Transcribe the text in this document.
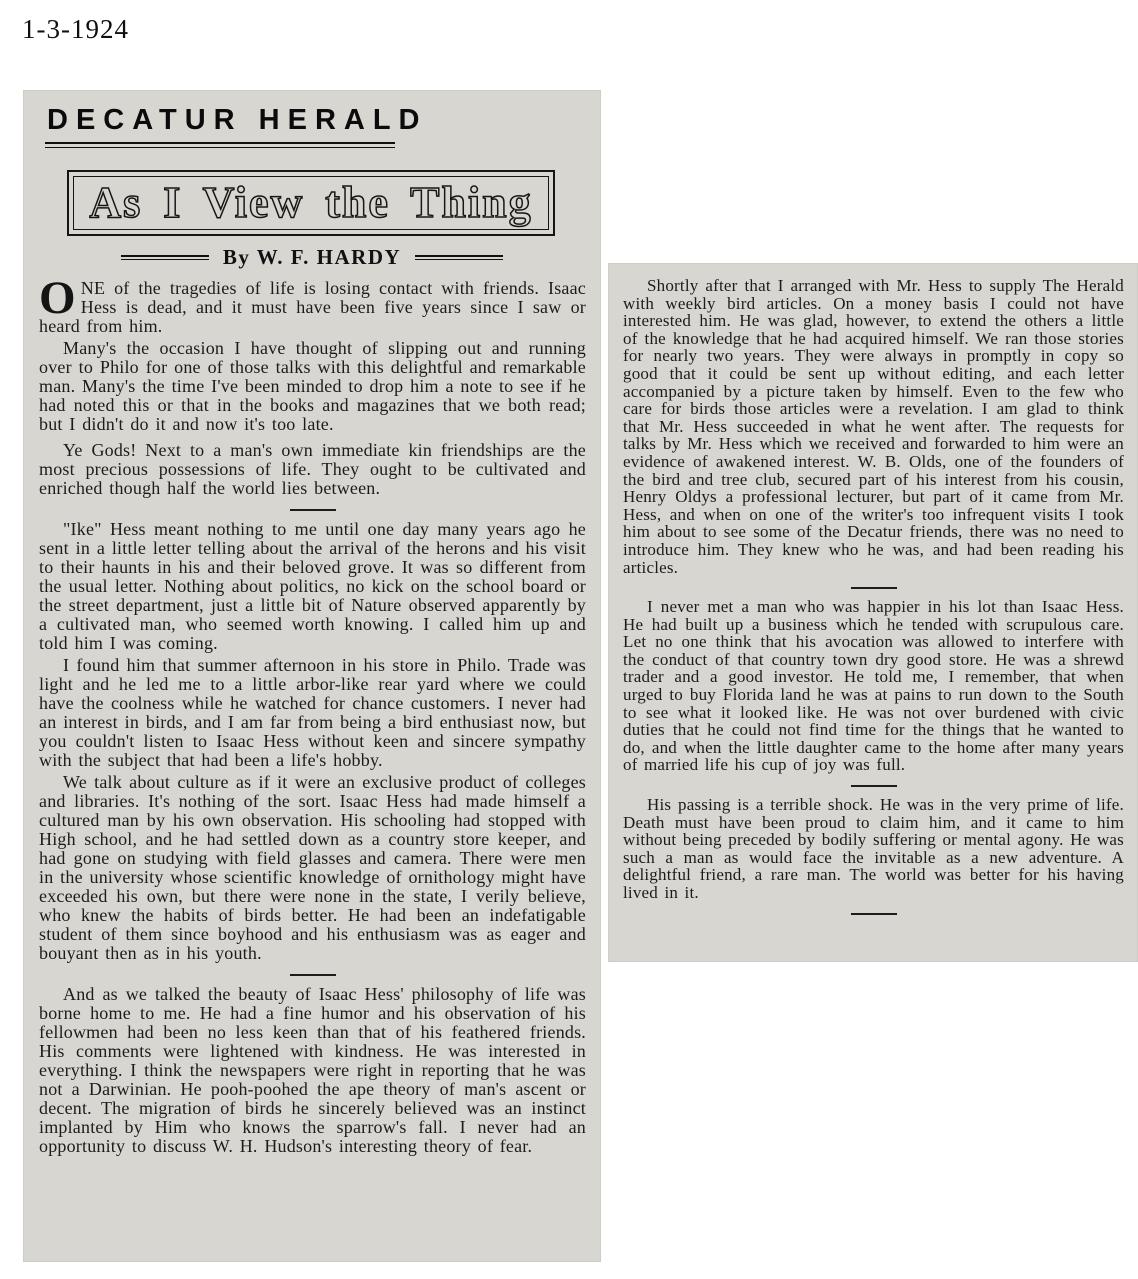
1-3-1924
DECATUR HERALD
As I View the Thing
By W. F. HARDY

O NE of the tragedies of life is losing contact with friends. Isaac Hess is dead, and it must have been five years since I saw or heard from him.

Many's the occasion I have thought of slipping out and running over to Philo for one of those talks with this delightful and remarkable man. Many's the time I've been minded to drop him a note to see if he had noted this or that in the books and magazines that we both read; but I didn't do it and now it's too late.

Ye Gods! Next to a man's own immediate kin friendships are the most precious possessions of life. They ought to be cultivated and enriched though half the world lies between.

"Ike" Hess meant nothing to me until one day many years ago he sent in a little letter telling about the arrival of the herons and his visit to their haunts in his and their beloved grove. It was so different from the usual letter. Nothing about politics, no kick on the school board or the street department, just a little bit of Nature observed apparently by a cultivated man, who seemed worth knowing. I called him up and told him I was coming.

I found him that summer afternoon in his store in Philo. Trade was light and he led me to a little arbor-like rear yard where we could have the coolness while he watched for chance customers. I never had an interest in birds, and I am far from being a bird enthusiast now, but you couldn't listen to Isaac Hess without keen and sincere sympathy with the subject that had been a life's hobby.

We talk about culture as if it were an exclusive product of colleges and libraries. It's nothing of the sort. Isaac Hess had made himself a cultured man by his own observation. His schooling had stopped with High school, and he had settled down as a country store keeper, and had gone on studying with field glasses and camera. There were men in the university whose scientific knowledge of ornithology might have exceeded his own, but there were none in the state, I verily believe, who knew the habits of birds better. He had been an indefatigable student of them since boyhood and his enthusiasm was as eager and bouyant then as in his youth.

And as we talked the beauty of Isaac Hess' philosophy of life was borne home to me. He had a fine humor and his observation of his fellowmen had been no less keen than that of his feathered friends. His comments were lightened with kindness. He was interested in everything. I think the newspapers were right in reporting that he was not a Darwinian. He pooh-poohed the ape theory of man's ascent or decent. The migration of birds he sincerely believed was an instinct implanted by Him who knows the sparrow's fall. I never had an opportunity to discuss W. H. Hudson's interesting theory of fear.

Shortly after that I arranged with Mr. Hess to supply The Herald with weekly bird articles. On a money basis I could not have interested him. He was glad, however, to extend the others a little of the knowledge that he had acquired himself. We ran those stories for nearly two years. They were always in promptly in copy so good that it could be sent up without editing, and each letter accompanied by a picture taken by himself. Even to the few who care for birds those articles were a revelation. I am glad to think that Mr. Hess succeeded in what he went after. The requests for talks by Mr. Hess which we received and forwarded to him were an evidence of awakened interest. W. B. Olds, one of the founders of the bird and tree club, secured part of his interest from his cousin, Henry Oldys a professional lecturer, but part of it came from Mr. Hess, and when on one of the writer's too infrequent visits I took him about to see some of the Decatur friends, there was no need to introduce him. They knew who he was, and had been reading his articles.

I never met a man who was happier in his lot than Isaac Hess. He had built up a business which he tended with scrupulous care. Let no one think that his avocation was allowed to interfere with the conduct of that country town dry good store. He was a shrewd trader and a good investor. He told me, I remember, that when urged to buy Florida land he was at pains to run down to the South to see what it looked like. He was not over burdened with civic duties that he could not find time for the things that he wanted to do, and when the little daughter came to the home after many years of married life his cup of joy was full.

His passing is a terrible shock. He was in the very prime of life. Death must have been proud to claim him, and it came to him without being preceded by bodily suffering or mental agony. He was such a man as would face the invitable as a new adventure. A delightful friend, a rare man. The world was better for his having lived in it.
